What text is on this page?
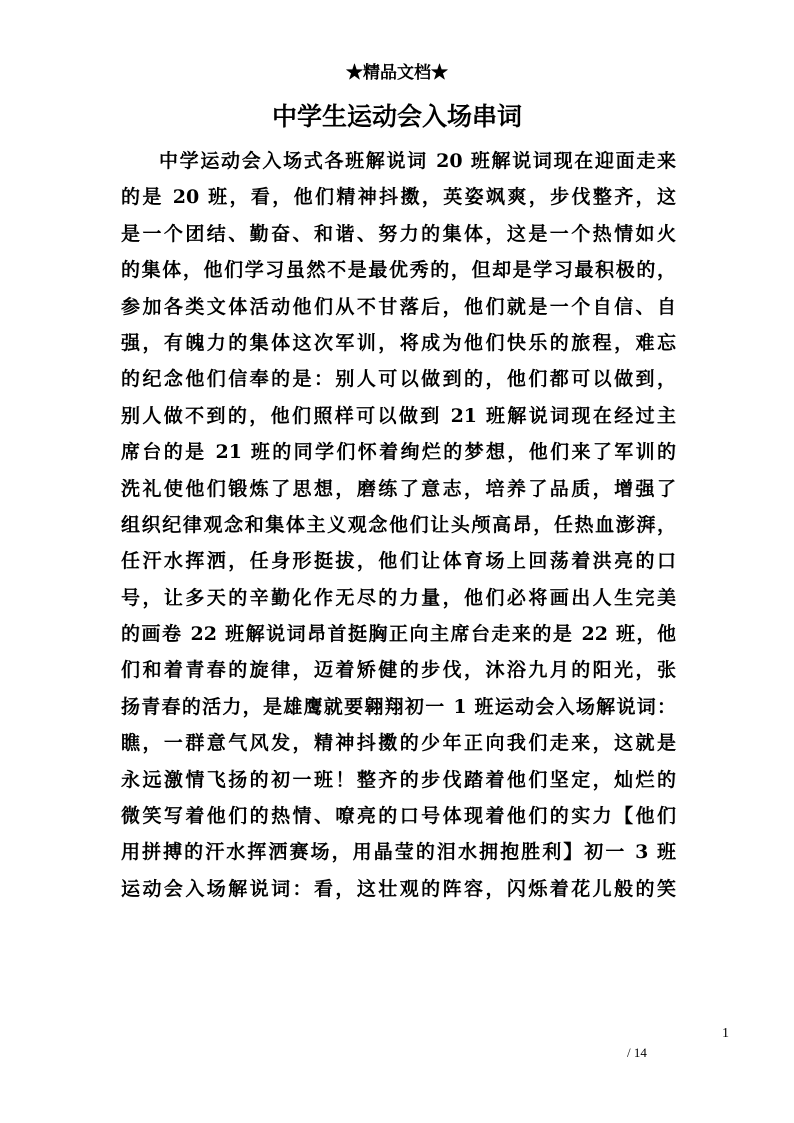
★精品文档★
中学生运动会入场串词
中学运动会入场式各班解说词 20 班解说词现在迎面走来
的是 20 班，看，他们精神抖擞，英姿飒爽，步伐整齐，这
是一个团结、勤奋、和谐、努力的集体，这是一个热情如火
的集体，他们学习虽然不是最优秀的，但却是学习最积极的，
参加各类文体活动他们从不甘落后，他们就是一个自信、自
强，有魄力的集体这次军训，将成为他们快乐的旅程，难忘
的纪念他们信奉的是：别人可以做到的，他们都可以做到，
别人做不到的，他们照样可以做到 21 班解说词现在经过主
席台的是 21 班的同学们怀着绚烂的梦想，他们来了军训的
洗礼使他们锻炼了思想，磨练了意志，培养了品质，增强了
组织纪律观念和集体主义观念他们让头颅高昂，任热血澎湃，
任汗水挥洒，任身形挺拔，他们让体育场上回荡着洪亮的口
号，让多天的辛勤化作无尽的力量，他们必将画出人生完美
的画卷 22 班解说词昂首挺胸正向主席台走来的是 22 班，他
们和着青春的旋律，迈着矫健的步伐，沐浴九月的阳光，张
扬青春的活力，是雄鹰就要翱翔初一 1 班运动会入场解说词：
瞧，一群意气风发，精神抖擞的少年正向我们走来，这就是
永远激情飞扬的初一班！整齐的步伐踏着他们坚定，灿烂的
微笑写着他们的热情、嘹亮的口号体现着他们的实力【他们
用拼搏的汗水挥洒赛场，用晶莹的泪水拥抱胜利】初一 3 班
运动会入场解说词：看，这壮观的阵容，闪烁着花儿般的笑
1
/ 14
